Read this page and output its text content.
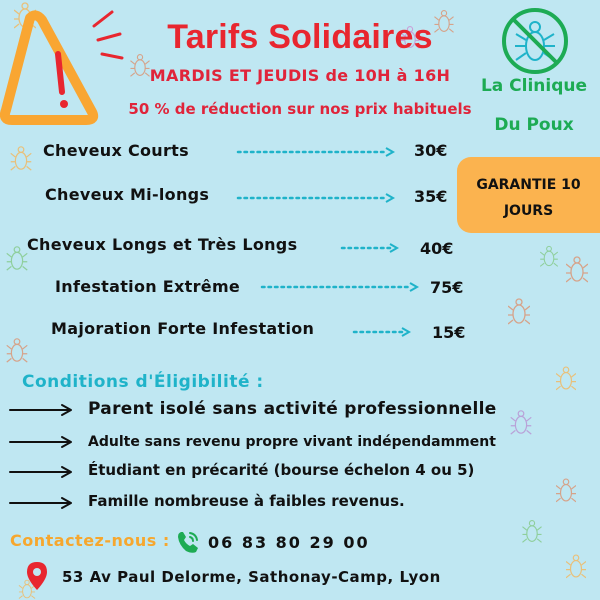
Tarifs Solidaires
MARDIS ET JEUDIS de 10H à 16H
50 % de réduction sur nos prix habituels
La Clinique
Du Poux
Cheveux Courts	30€
Cheveux Mi-longs	35€
Cheveux Longs et Très Longs	40€
Infestation Extrême	75€
Majoration Forte Infestation	15€
GARANTIE 10
JOURS
Conditions d'Éligibilité :
Parent isolé sans activité professionnelle
Adulte sans revenu propre vivant indépendamment
Étudiant en précarité (bourse échelon 4 ou 5)
Famille nombreuse à faibles revenus.
Contactez-nous : 06 83 80 29 00
53 Av Paul Delorme, Sathonay-Camp, Lyon
